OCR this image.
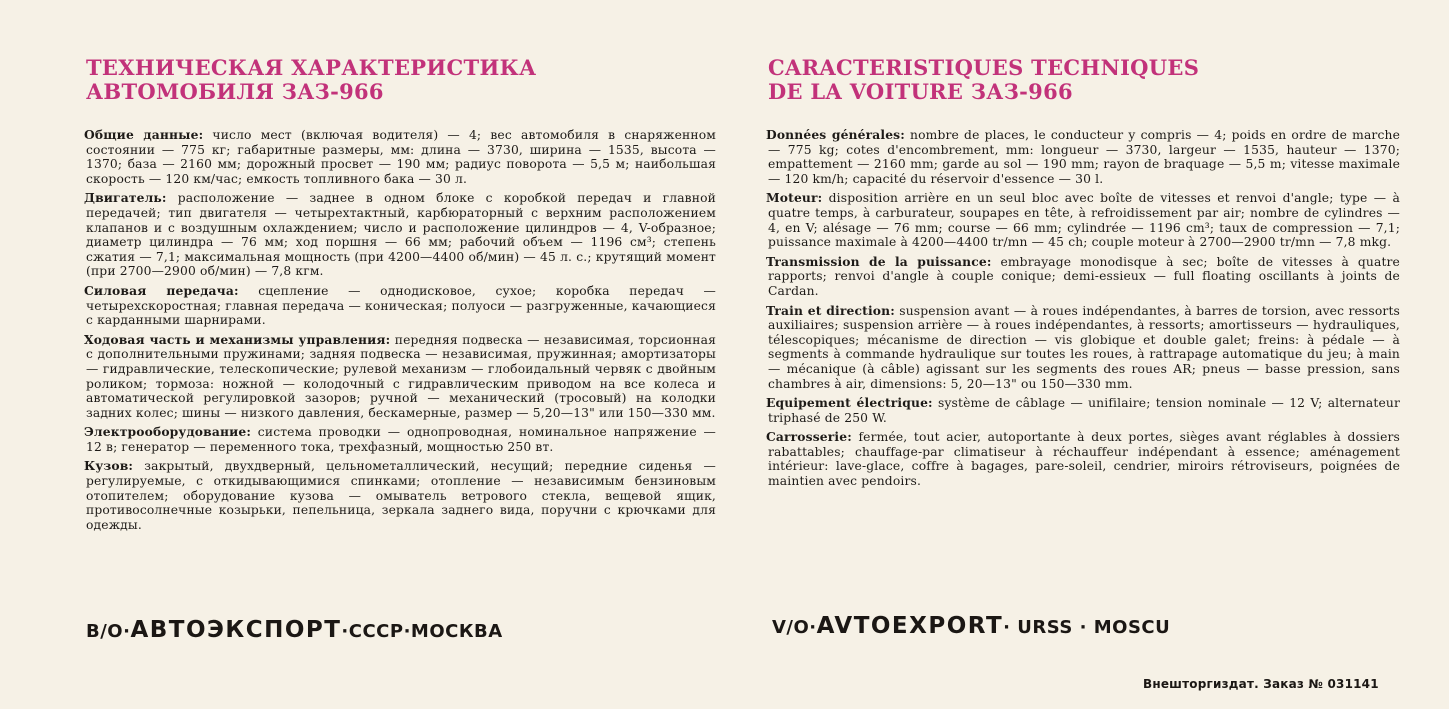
ТЕХНИЧЕСКАЯ ХАРАКТЕРИСТИКА
АВТОМОБИЛЯ ЗАЗ-966

Общие данные: число мест (включая водителя) — 4; вес автомобиля в снаряженном состоянии — 775 кг; габаритные размеры, мм: длина — 3730, ширина — 1535, высота — 1370; база — 2160 мм; дорожный просвет — 190 мм; радиус поворота — 5,5 м; наибольшая скорость — 120 км/час; емкость топливного бака — 30 л.

Двигатель: расположение — заднее в одном блоке с коробкой передач и главной передачей; тип двигателя — четырехтактный, карбюраторный с верхним расположением клапанов и с воздушным охлаждением; число и расположение цилиндров — 4, V-образное; диаметр цилиндра — 76 мм; ход поршня — 66 мм; рабочий объем — 1196 см³; степень сжатия — 7,1; максимальная мощность (при 4200—4400 об/мин) — 45 л. с.; крутящий момент (при 2700—2900 об/мин) — 7,8 кгм.

Силовая передача: сцепление — однодисковое, сухое; коробка передач — четырехскоростная; главная передача — коническая; полуоси — разгруженные, качающиеся с карданными шарнирами.

Ходовая часть и механизмы управления: передняя подвеска — независимая, торсионная с дополнительными пружинами; задняя подвеска — независимая, пружинная; амортизаторы — гидравлические, телескопические; рулевой механизм — глобоидальный червяк с двойным роликом; тормоза: ножной — колодочный с гидравлическим приводом на все колеса и автоматической регулировкой зазоров; ручной — механический (тросовый) на колодки задних колес; шины — низкого давления, бескамерные, размер — 5,20—13" или 150—330 мм.

Электрооборудование: система проводки — однопроводная, номинальное напряжение — 12 в; генератор — переменного тока, трехфазный, мощностью 250 вт.

Кузов: закрытый, двухдверный, цельнометаллический, несущий; передние сиденья — регулируемые, с откидывающимися спинками; отопление — независимым бензиновым отопителем; оборудование кузова — омыватель ветрового стекла, вещевой ящик, противосолнечные козырьки, пепельница, зеркала заднего вида, поручни с крючками для одежды.

CARACTERISTIQUES TECHNIQUES
DE LA VOITURE ЗАЗ-966

Données générales: nombre de places, le conducteur y compris — 4; poids en ordre de marche — 775 kg; cotes d'encombrement, mm: longueur — 3730, largeur — 1535, hauteur — 1370; empattement — 2160 mm; garde au sol — 190 mm; rayon de braquage — 5,5 m; vitesse maximale — 120 km/h; capacité du réservoir d'essence — 30 l.

Moteur: disposition arrière en un seul bloc avec boîte de vitesses et renvoi d'angle; type — à quatre temps, à carburateur, soupapes en tête, à refroidissement par air; nombre de cylindres — 4, en V; alésage — 76 mm; course — 66 mm; cylindrée — 1196 cm³; taux de compression — 7,1; puissance maximale à 4200—4400 tr/mn — 45 ch; couple moteur à 2700—2900 tr/mn — 7,8 mkg.

Transmission de la puissance: embrayage monodisque à sec; boîte de vitesses à quatre rapports; renvoi d'angle à couple conique; demi-essieux — full floating oscillants à joints de Cardan.

Train et direction: suspension avant — à roues indépendantes, à barres de torsion, avec ressorts auxiliaires; suspension arrière — à roues indépendantes, à ressorts; amortisseurs — hydrauliques, télescopiques; mécanisme de direction — vis globique et double galet; freins: à pédale — à segments à commande hydraulique sur toutes les roues, à rattrapage automatique du jeu; à main — mécanique (à câble) agissant sur les segments des roues AR; pneus — basse pression, sans chambres à air, dimensions: 5, 20—13" ou 150—330 mm.

Equipement électrique: système de câblage — unifilaire; tension nominale — 12 V; alternateur triphasé de 250 W.

Carrosserie: fermée, tout acier, autoportante à deux portes, sièges avant réglables à dossiers rabattables; chauffage-par climatiseur à réchauffeur indépendant à essence; aménagement intérieur: lave-glace, coffre à bagages, pare-soleil, cendrier, miroirs rétroviseurs, poignées de maintien avec pendoirs.

В/О·АВТОЭКСПОРТ·СССР·МОСКВА	V/O·AVTOEXPORT· URSS · MOSCU
Внешторгиздат. Заказ № 031141
